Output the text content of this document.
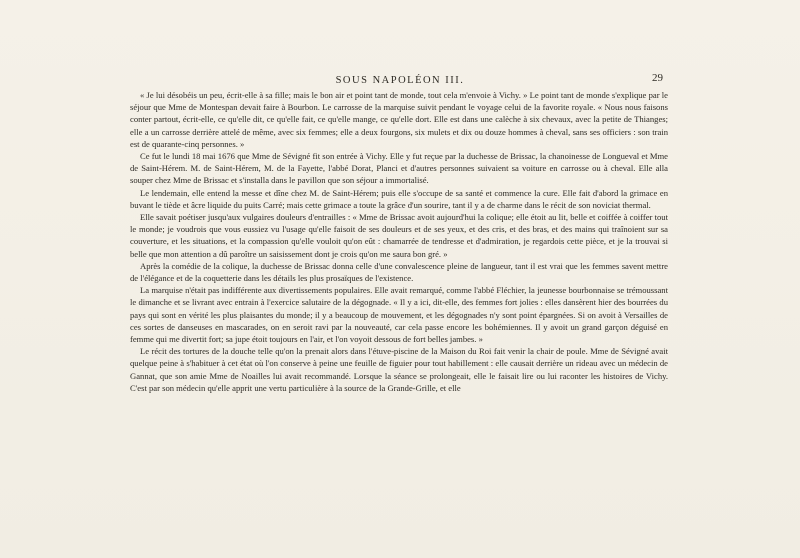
SOUS NAPOLÉON III.	29

« Je lui désobéis un peu, écrit-elle à sa fille; mais le bon air et point tant de monde, tout cela m'envoie à Vichy. » Le point tant de monde s'explique par le séjour que Mme de Montespan devait faire à Bourbon. Le carrosse de la marquise suivit pendant le voyage celui de la favorite royale. « Nous nous faisons conter partout, écrit-elle, ce qu'elle dit, ce qu'elle fait, ce qu'elle mange, ce qu'elle dort. Elle est dans une calèche à six chevaux, avec la petite de Thianges; elle a un carrosse derrière attelé de même, avec six femmes; elle a deux fourgons, six mulets et dix ou douze hommes à cheval, sans ses officiers : son train est de quarante-cinq personnes. »

Ce fut le lundi 18 mai 1676 que Mme de Sévigné fit son entrée à Vichy. Elle y fut reçue par la duchesse de Brissac, la chanoinesse de Longueval et Mme de Saint-Hérem. M. de Saint-Hérem, M. de la Fayette, l'abbé Dorat, Planci et d'autres personnes suivaient sa voiture en carrosse ou à cheval. Elle alla souper chez Mme de Brissac et s'installa dans le pavillon que son séjour a immortalisé.

Le lendemain, elle entend la messe et dîne chez M. de Saint-Hérem; puis elle s'occupe de sa santé et commence la cure. Elle fait d'abord la grimace en buvant le tiède et âcre liquide du puits Carré; mais cette grimace a toute la grâce d'un sourire, tant il y a de charme dans le récit de son noviciat thermal.

Elle savait poétiser jusqu'aux vulgaires douleurs d'entrailles : « Mme de Brissac avoit aujourd'hui la colique; elle étoit au lit, belle et coiffée à coiffer tout le monde; je voudrois que vous eussiez vu l'usage qu'elle faisoit de ses douleurs et de ses yeux, et des cris, et des bras, et des mains qui traînoient sur sa couverture, et les situations, et la compassion qu'elle vouloit qu'on eût : chamarrée de tendresse et d'admiration, je regardois cette pièce, et je la trouvai si belle que mon attention a dû paroître un saisissement dont je crois qu'on me saura bon gré. »

Après la comédie de la colique, la duchesse de Brissac donna celle d'une convalescence pleine de langueur, tant il est vrai que les femmes savent mettre de l'élégance et de la coquetterie dans les détails les plus prosaïques de l'existence.

La marquise n'était pas indifférente aux divertissements populaires. Elle avait remarqué, comme l'abbé Fléchier, la jeunesse bourbonnaise se trémoussant le dimanche et se livrant avec entrain à l'exercice salutaire de la dégognade. « Il y a ici, dit-elle, des femmes fort jolies : elles dansèrent hier des bourrées du pays qui sont en vérité les plus plaisantes du monde; il y a beaucoup de mouvement, et les dégognades n'y sont point épargnées. Si on avoit à Versailles de ces sortes de danseuses en mascarades, on en seroit ravi par la nouveauté, car cela passe encore les bohémiennes. Il y avoit un grand garçon déguisé en femme qui me divertit fort; sa jupe étoit toujours en l'air, et l'on voyoit dessous de fort belles jambes. »

Le récit des tortures de la douche telle qu'on la prenait alors dans l'étuve-piscine de la Maison du Roi fait venir la chair de poule. Mme de Sévigné avait quelque peine à s'habituer à cet état où l'on conserve à peine une feuille de figuier pour tout habillement : elle causait derrière un rideau avec un médecin de Gannat, que son amie Mme de Noailles lui avait recommandé. Lorsque la séance se prolongeait, elle le faisait lire ou lui raconter les histoires de Vichy. C'est par son médecin qu'elle apprit une vertu particulière à la source de la Grande-Grille, et elle
